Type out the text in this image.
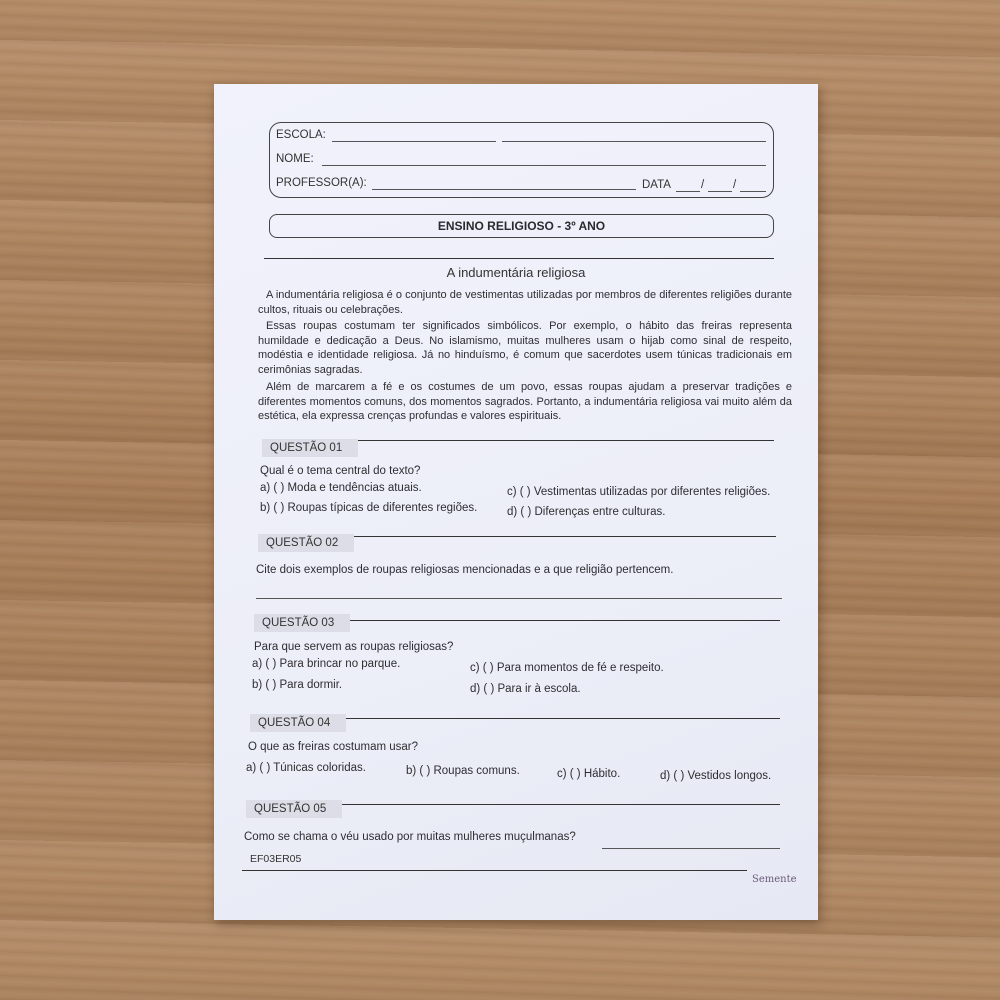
ESCOLA:
NOME:
PROFESSOR(A):	DATA	/	/
ENSINO RELIGIOSO - 3º ANO
A indumentária religiosa
A indumentária religiosa é o conjunto de vestimentas utilizadas por membros de diferentes religiões durante cultos, rituais ou celebrações.
Essas roupas costumam ter significados simbólicos. Por exemplo, o hábito das freiras representa humildade e dedicação a Deus. No islamismo, muitas mulheres usam o hijab como sinal de respeito, modéstia e identidade religiosa. Já no hinduísmo, é comum que sacerdotes usem túnicas tradicionais em cerimônias sagradas.
Além de marcarem a fé e os costumes de um povo, essas roupas ajudam a preservar tradições e diferentes momentos comuns, dos momentos sagrados. Portanto, a indumentária religiosa vai muito além da estética, ela expressa crenças profundas e valores espirituais.
QUESTÃO 01
Qual é o tema central do texto?
a) ( ) Moda e tendências atuais.	c) ( ) Vestimentas utilizadas por diferentes religiões.
b) ( ) Roupas típicas de diferentes regiões.	d) ( ) Diferenças entre culturas.
QUESTÃO 02
Cite dois exemplos de roupas religiosas mencionadas e a que religião pertencem.
QUESTÃO 03
Para que servem as roupas religiosas?
a) ( ) Para brincar no parque.	c) ( ) Para momentos de fé e respeito.
b) ( ) Para dormir.	d) ( ) Para ir à escola.
QUESTÃO 04
O que as freiras costumam usar?
a) ( ) Túnicas coloridas.	b) ( ) Roupas comuns.	c) ( ) Hábito.	d) ( ) Vestidos longos.
QUESTÃO 05
Como se chama o véu usado por muitas mulheres muçulmanas?
EF03ER05
Semente
